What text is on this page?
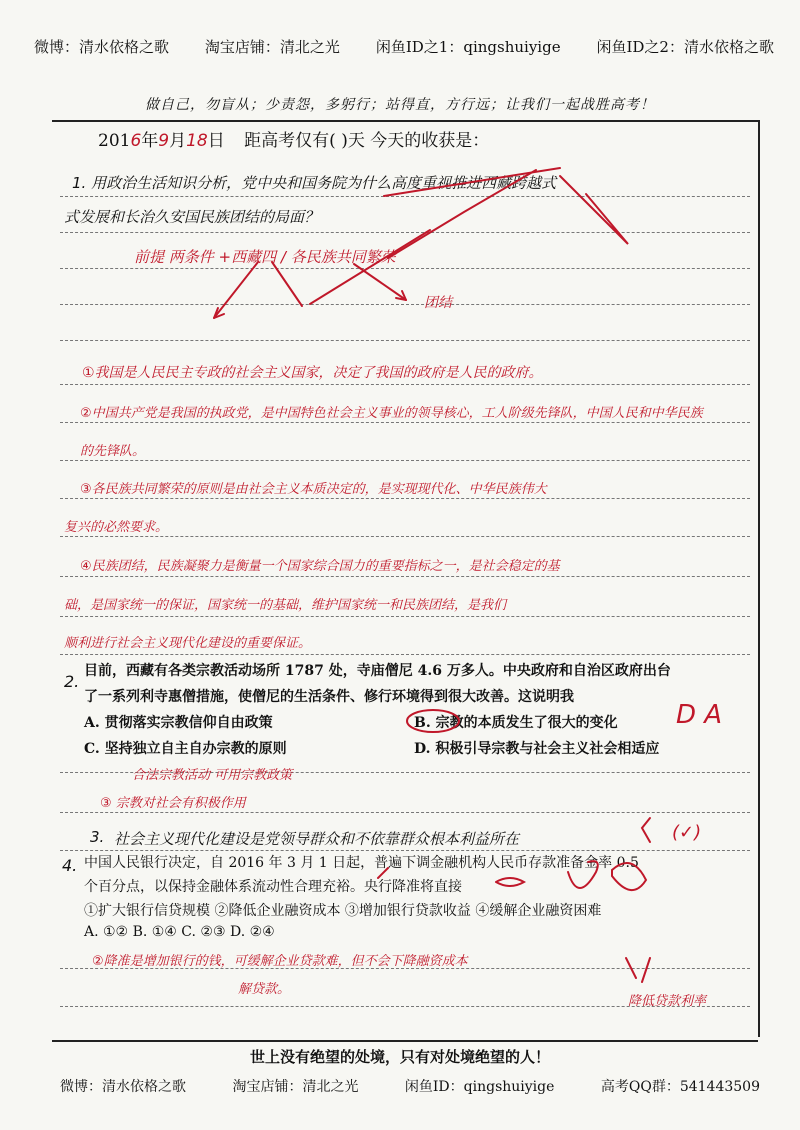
微博：清水依格之歌 淘宝店铺：清北之光 闲鱼ID之1：qingshuiyige 闲鱼ID之2：清水依格之歌
做自己，勿盲从；少责怨，多躬行；站得直，方行远；让我们一起战胜高考！
2016年9月18日 距高考仅有( )天 今天的收获是：
1. 用政治生活知识分析，党中央和国务院为什么高度重视推进西藏跨越式
式发展和长治久安国民族团结的局面？
前提 两条件 +西藏四 / 各民族共同繁荣
团结
①我国是人民民主专政的社会主义国家，决定了我国的政府是人民的政府。
②中国共产党是我国的执政党，是中国特色社会主义事业的领导核心，工人阶级先锋队，中国人民和中华民族
的先锋队。
③各民族共同繁荣的原则是由社会主义本质决定的，是实现现代化、中华民族伟大
复兴的必然要求。
④民族团结，民族凝聚力是衡量一个国家综合国力的重要指标之一，是社会稳定的基
础，是国家统一的保证，国家统一的基础，维护国家统一和民族团结，是我们
顺利进行社会主义现代化建设的重要保证。
2.
目前，西藏有各类宗教活动场所 1787 处，寺庙僧尼 4.6 万多人。中央政府和自治区政府出台
了一系列利寺惠僧措施，使僧尼的生活条件、修行环境得到很大改善。这说明我
A. 贯彻落实宗教信仰自由政策	B. 宗教的本质发生了很大的变化
C. 坚持独立自主自办宗教的原则	D. 积极引导宗教与社会主义社会相适应
D A
合法宗教活动 可用宗教政策
③ 宗教对社会有积极作用
3. 社会主义现代化建设是党领导群众和不依靠群众根本利益所在	(✓)
4. 中国人民银行决定，自 2016 年 3 月 1 日起，普遍下调金融机构人民币存款准备金率 0.5
个百分点，以保持金融体系流动性合理充裕。央行降准将直接
①扩大银行信贷规模 ②降低企业融资成本 ③增加银行贷款收益 ④缓解企业融资困难
A. ①② B. ①④ C. ②③ D. ②④
②降准是增加银行的钱，可缓解企业贷款难，但不会下降融资成本
解贷款。
降低贷款利率
世上没有绝望的处境，只有对处境绝望的人！
微博：清水依格之歌	淘宝店铺：清北之光	闲鱼ID：qingshuiyige	高考QQ群：541443509
